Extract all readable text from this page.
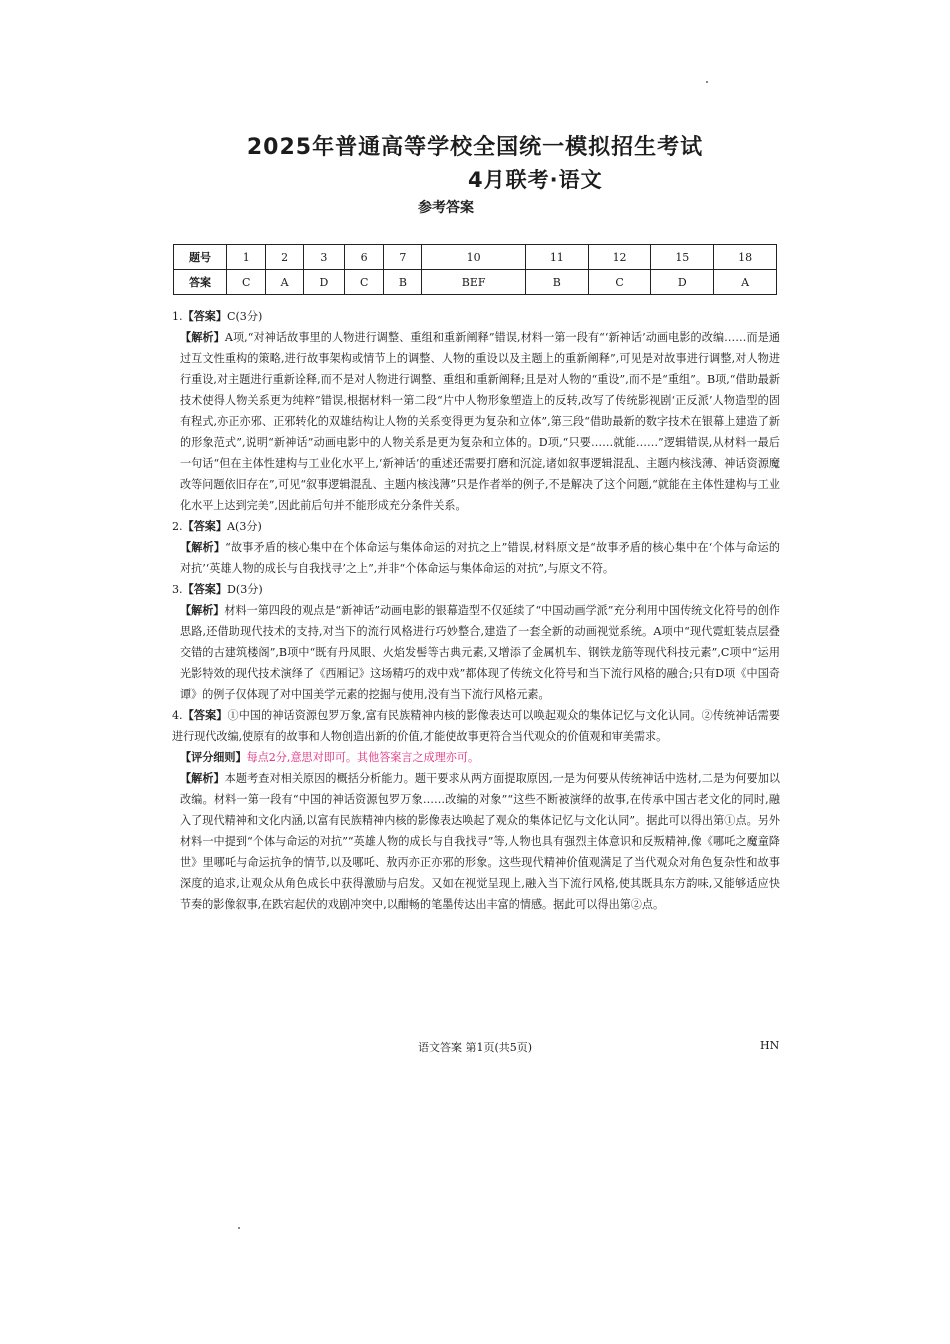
2025年普通高等学校全国统一模拟招生考试
4月联考·语文
参考答案
题号	1	2	3	6	7	10	11	12	15	18
答案	C	A	D	C	B	BEF	B	C	D	A

1.【答案】C(3分)

【解析】A项,“对神话故事里的人物进行调整、重组和重新阐释”错误,材料一第一段有“‘新神话’动画电影的改编……而是通过互文性重构的策略,进行故事架构或情节上的调整、人物的重设以及主题上的重新阐释”,可见是对故事进行调整,对人物进行重设,对主题进行重新诠释,而不是对人物进行调整、重组和重新阐释;且是对人物的“重设”,而不是“重组”。B项,“借助最新技术使得人物关系更为纯粹”错误,根据材料一第二段“片中人物形象塑造上的反转,改写了传统影视剧‘正反派’人物造型的固有程式,亦正亦邪、正邪转化的双雄结构让人物的关系变得更为复杂和立体”,第三段“借助最新的数字技术在银幕上建造了新的形象范式”,说明“新神话”动画电影中的人物关系是更为复杂和立体的。D项,“只要……就能……”逻辑错误,从材料一最后一句话“但在主体性建构与工业化水平上,‘新神话’的重述还需要打磨和沉淀,诸如叙事逻辑混乱、主题内核浅薄、神话资源魔改等问题依旧存在”,可见“叙事逻辑混乱、主题内核浅薄”只是作者举的例子,不是解决了这个问题,“就能在主体性建构与工业化水平上达到完美”,因此前后句并不能形成充分条件关系。

2.【答案】A(3分)

【解析】“故事矛盾的核心集中在个体命运与集体命运的对抗之上”错误,材料原文是“故事矛盾的核心集中在‘个体与命运的对抗’‘英雄人物的成长与自我找寻’之上”,并非“个体命运与集体命运的对抗”,与原文不符。

3.【答案】D(3分)

【解析】材料一第四段的观点是“新神话”动画电影的银幕造型不仅延续了“中国动画学派”充分利用中国传统文化符号的创作思路,还借助现代技术的支持,对当下的流行风格进行巧妙整合,建造了一套全新的动画视觉系统。A项中“现代霓虹装点层叠交错的古建筑楼阁”,B项中“既有丹凤眼、火焰发髻等古典元素,又增添了金属机车、钢铁龙筋等现代科技元素”,C项中“运用光影特效的现代技术演绎了《西厢记》这场精巧的戏中戏”都体现了传统文化符号和当下流行风格的融合;只有D项《中国奇谭》的例子仅体现了对中国美学元素的挖掘与使用,没有当下流行风格元素。

4.【答案】①中国的神话资源包罗万象,富有民族精神内核的影像表达可以唤起观众的集体记忆与文化认同。②传统神话需要进行现代改编,使原有的故事和人物创造出新的价值,才能使故事更符合当代观众的价值观和审美需求。

【评分细则】每点2分,意思对即可。其他答案言之成理亦可。

【解析】本题考查对相关原因的概括分析能力。题干要求从两方面提取原因,一是为何要从传统神话中选材,二是为何要加以改编。材料一第一段有“中国的神话资源包罗万象……改编的对象”“这些不断被演绎的故事,在传承中国古老文化的同时,融入了现代精神和文化内涵,以富有民族精神内核的影像表达唤起了观众的集体记忆与文化认同”。据此可以得出第①点。另外材料一中提到“个体与命运的对抗”“英雄人物的成长与自我找寻”等,人物也具有强烈主体意识和反叛精神,像《哪吒之魔童降世》里哪吒与命运抗争的情节,以及哪吒、敖丙亦正亦邪的形象。这些现代精神价值观满足了当代观众对角色复杂性和故事深度的追求,让观众从角色成长中获得激励与启发。又如在视觉呈现上,融入当下流行风格,使其既具东方韵味,又能够适应快节奏的影像叙事,在跌宕起伏的戏剧冲突中,以酣畅的笔墨传达出丰富的情感。据此可以得出第②点。

语文答案 第1页(共5页)	HN
